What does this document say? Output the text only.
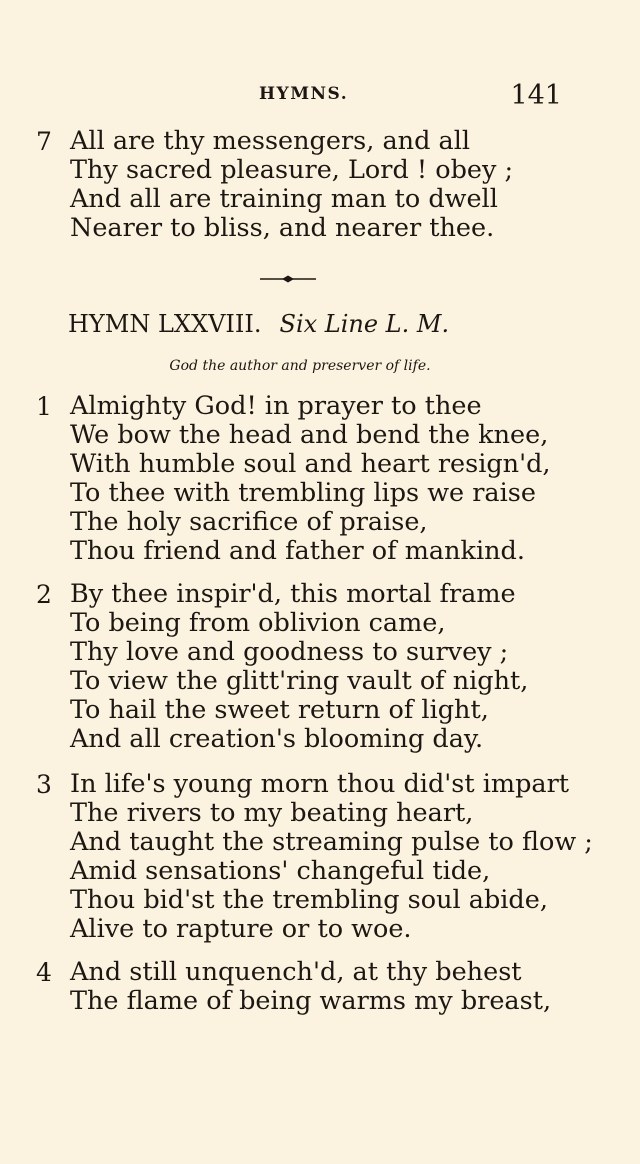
HYMNS.	141
7 All are thy messengers, and all
Thy sacred pleasure, Lord ! obey ;
And all are training man to dwell
Nearer to bliss, and nearer thee.
HYMN LXXVIII. Six Line L. M.
God the author and preserver of life.
1 Almighty God! in prayer to thee
We bow the head and bend the knee,
With humble soul and heart resign'd,
To thee with trembling lips we raise
The holy sacrifice of praise,
Thou friend and father of mankind.
2 By thee inspir'd, this mortal frame
To being from oblivion came,
Thy love and goodness to survey ;
To view the glitt'ring vault of night,
To hail the sweet return of light,
And all creation's blooming day.
3 In life's young morn thou did'st impart
The rivers to my beating heart,
And taught the streaming pulse to flow ;
Amid sensations' changeful tide,
Thou bid'st the trembling soul abide,
Alive to rapture or to woe.
4 And still unquench'd, at thy behest
The flame of being warms my breast,
